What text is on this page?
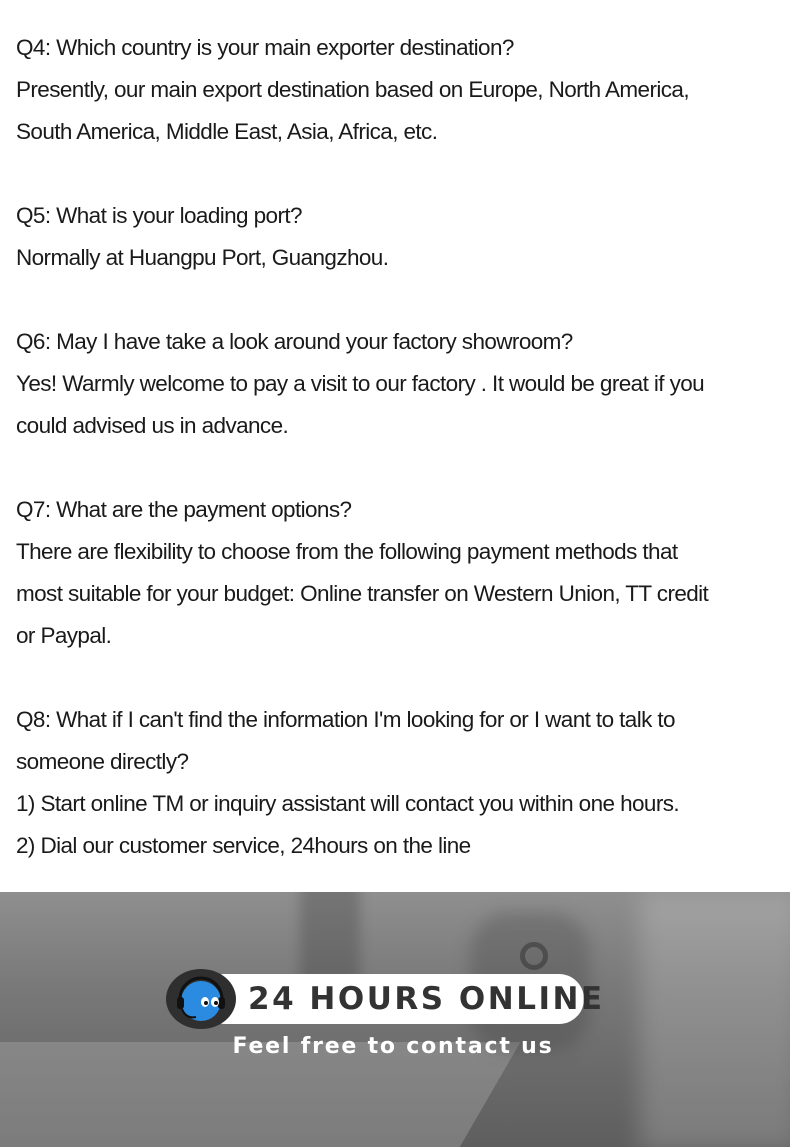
Q4: Which country is your main exporter destination?

Presently, our main export destination based on Europe, North America,

South America, Middle East, Asia, Africa, etc.

Q5: What is your loading port?

Normally at Huangpu Port, Guangzhou.

Q6: May I have take a look around your factory showroom?

Yes! Warmly welcome to pay a visit to our factory . It would be great if you

could advised us in advance.

Q7: What are the payment options?

There are flexibility to choose from the following payment methods that

most suitable for your budget: Online transfer on Western Union, TT credit

or Paypal.

Q8: What if I can't find the information I'm looking for or I want to talk to

someone directly?

1) Start online TM or inquiry assistant will contact you within one hours.

2) Dial our customer service, 24hours on the line

24 HOURS ONLINE
Feel free to contact us
